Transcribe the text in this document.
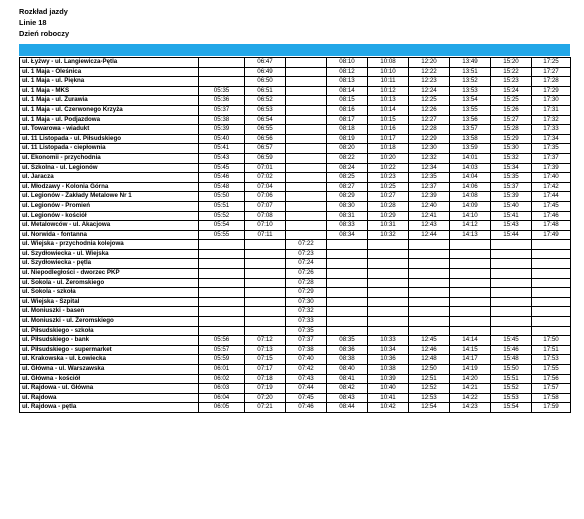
Rozkład jazdy
Linie 18
Dzień roboczy
ul. Łyżwy - ul. Langiewicza-Pętla		06:47		08:10	10:08	12:20	13:49	15:20	17:25
ul. 1 Maja - Oleśnica		06:49		08:12	10:10	12:22	13:51	15:22	17:27
ul. 1 Maja - ul. Piękna		06:50		08:13	10:11	12:23	13:52	15:23	17:28
ul. 1 Maja - MKS	05:35	06:51		08:14	10:12	12:24	13:53	15:24	17:29
ul. 1 Maja - ul. Żurawia	05:36	06:52		08:15	10:13	12:25	13:54	15:25	17:30
ul. 1 Maja - ul. Czerwonego Krzyża	05:37	06:53		08:16	10:14	12:26	13:55	15:26	17:31
ul. 1 Maja - ul. Podjazdowa	05:38	06:54		08:17	10:15	12:27	13:56	15:27	17:32
ul. Towarowa - wiadukt	05:39	06:55		08:18	10:16	12:28	13:57	15:28	17:33
ul. 11 Listopada - ul. Piłsudskiego	05:40	06:56		08:19	10:17	12:29	13:58	15:29	17:34
ul. 11 Listopada - ciepłownia	05:41	06:57		08:20	10:18	12:30	13:59	15:30	17:35
ul. Ekonomii - przychodnia	05:43	06:59		08:22	10:20	12:32	14:01	15:32	17:37
ul. Szkolna - ul. Legionów	05:45	07:01		08:24	10:22	12:34	14:03	15:34	17:39
ul. Jaracza	05:46	07:02		08:25	10:23	12:35	14:04	15:35	17:40
ul. Młodzawy - Kolonia Górna	05:48	07:04		08:27	10:25	12:37	14:06	15:37	17:42
ul. Legionów - Zakłady Metalowe Nr 1	05:50	07:06		08:29	10:27	12:39	14:08	15:39	17:44
ul. Legionów - Promień	05:51	07:07		08:30	10:28	12:40	14:09	15:40	17:45
ul. Legionów - kościół	05:52	07:08		08:31	10:29	12:41	14:10	15:41	17:46
ul. Metalowców - ul. Akacjowa	05:54	07:10		08:33	10:31	12:43	14:12	15:43	17:48
ul. Norwida - fontanna	05:55	07:11		08:34	10:32	12:44	14:13	15:44	17:49
ul. Wiejska - przychodnia kolejowa			07:22						
ul. Szydłowiecka - ul. Wiejska			07:23						
ul. Szydłowiecka - pętla			07:24						
ul. Niepodległości - dworzec PKP			07:26						
ul. Sokola - ul. Żeromskiego			07:28						
ul. Sokola - szkoła			07:29						
ul. Wiejska - Szpital			07:30						
ul. Moniuszki - basen			07:32						
ul. Moniuszki - ul. Żeromskiego			07:33						
ul. Piłsudskiego - szkoła			07:35						
ul. Piłsudskiego - bank	05:56	07:12	07:37	08:35	10:33	12:45	14:14	15:45	17:50
ul. Piłsudskiego - supermarket	05:57	07:13	07:38	08:36	10:34	12:46	14:15	15:46	17:51
ul. Krakowska - ul. Łowiecka	05:59	07:15	07:40	08:38	10:36	12:48	14:17	15:48	17:53
ul. Główna - ul. Warszawska	06:01	07:17	07:42	08:40	10:38	12:50	14:19	15:50	17:55
ul. Główna - kościół	06:02	07:18	07:43	08:41	10:39	12:51	14:20	15:51	17:56
ul. Rajdowa - ul. Główna	06:03	07:19	07:44	08:42	10:40	12:52	14:21	15:52	17:57
ul. Rajdowa	06:04	07:20	07:45	08:43	10:41	12:53	14:22	15:53	17:58
ul. Rajdowa - pętla	06:05	07:21	07:46	08:44	10:42	12:54	14:23	15:54	17:59
